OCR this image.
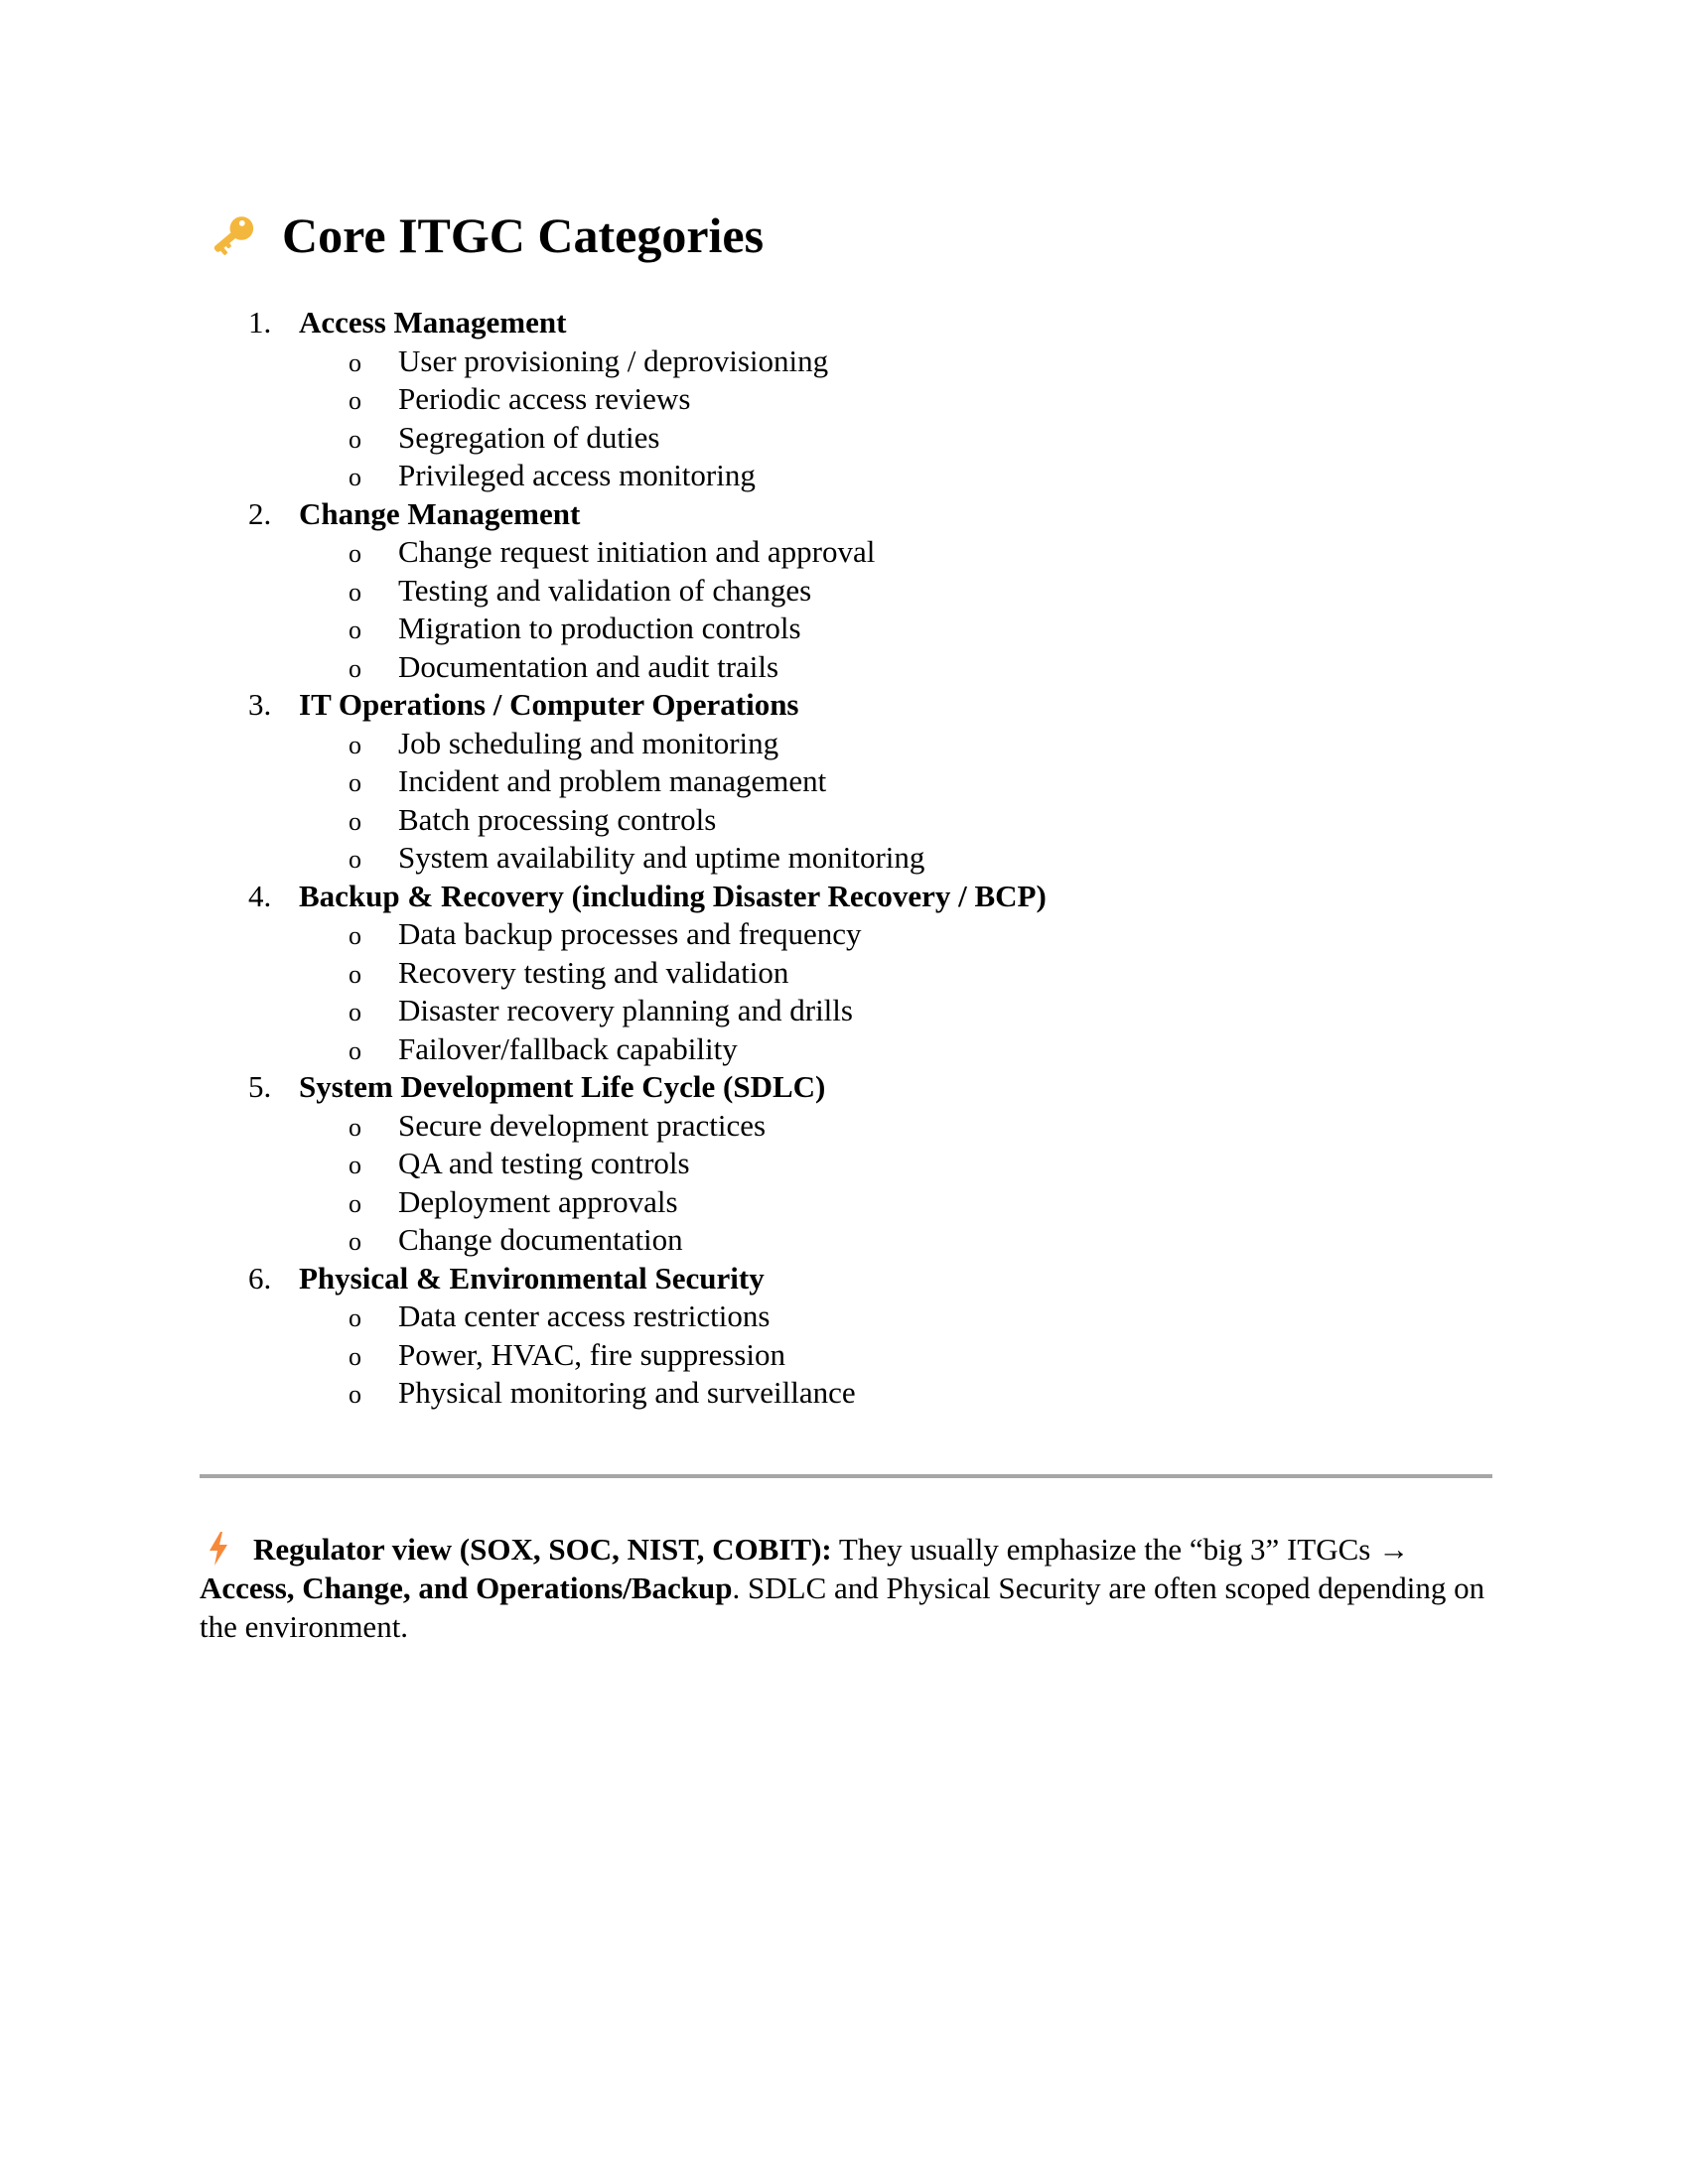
Core ITGC Categories
1. Access Management
o User provisioning / deprovisioning
o Periodic access reviews
o Segregation of duties
o Privileged access monitoring
2. Change Management
o Change request initiation and approval
o Testing and validation of changes
o Migration to production controls
o Documentation and audit trails
3. IT Operations / Computer Operations
o Job scheduling and monitoring
o Incident and problem management
o Batch processing controls
o System availability and uptime monitoring
4. Backup & Recovery (including Disaster Recovery / BCP)
o Data backup processes and frequency
o Recovery testing and validation
o Disaster recovery planning and drills
o Failover/fallback capability
5. System Development Life Cycle (SDLC)
o Secure development practices
o QA and testing controls
o Deployment approvals
o Change documentation
6. Physical & Environmental Security
o Data center access restrictions
o Power, HVAC, fire suppression
o Physical monitoring and surveillance

Regulator view (SOX, SOC, NIST, COBIT): They usually emphasize the “big 3” ITGCs → Access, Change, and Operations/Backup. SDLC and Physical Security are often scoped depending on the environment.
